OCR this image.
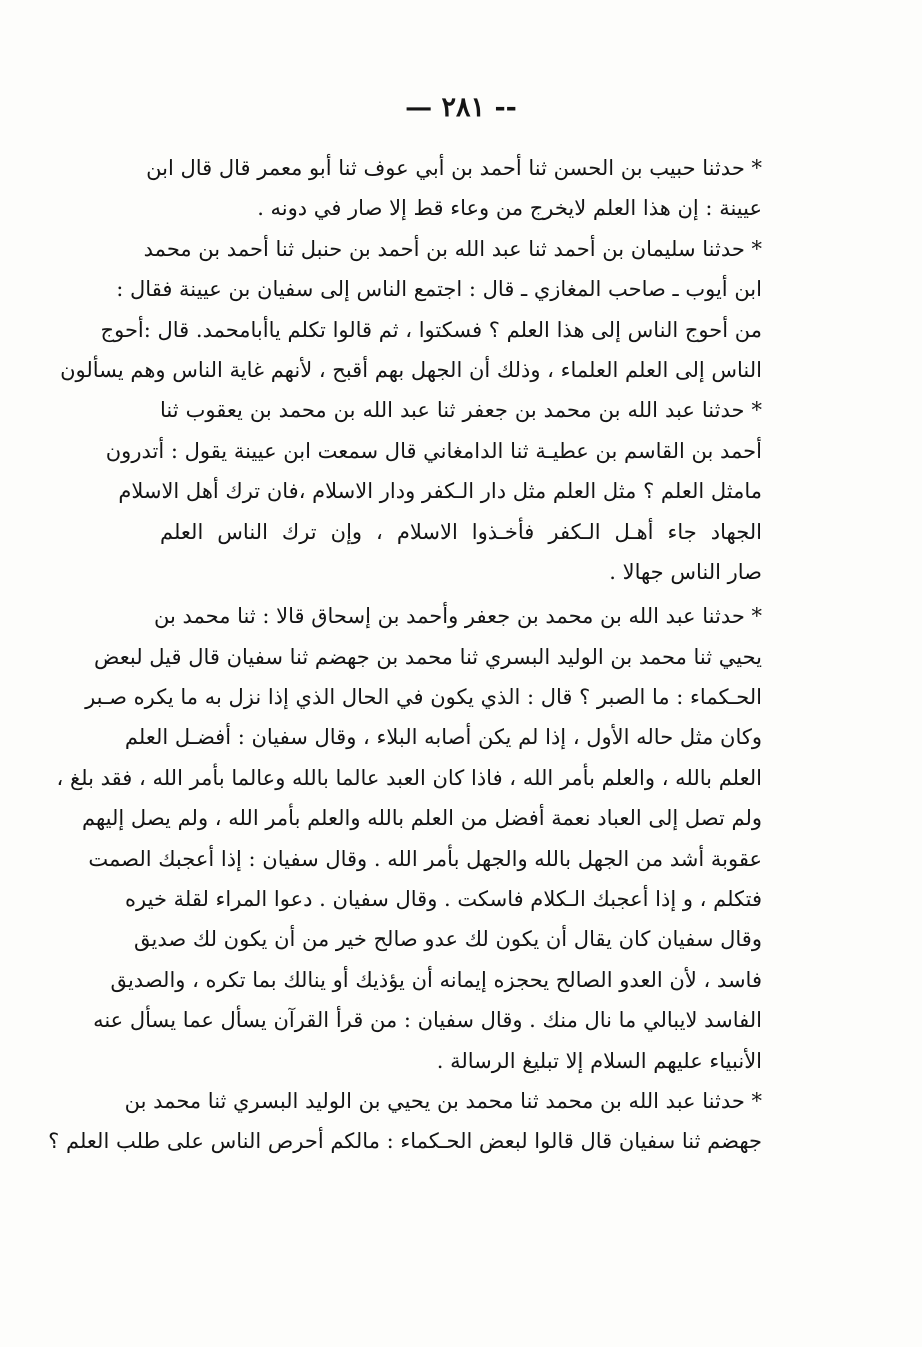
— ٢٨١ --
* حدثنا حبيب بن الحسن ثنا أحمد بن أبي عوف ثنا أبو معمر قال قال ابن
عيينة : إن هذا العلم لايخرج من وعاء قط إلا صار في دونه .
* حدثنا سليمان بن أحمد ثنا عبد الله بن أحمد بن حنبل ثنا أحمد بن محمد
ابن أيوب ـ صاحب المغازي ـ قال : اجتمع الناس إلى سفيان بن عيينة فقال :
من أحوج الناس إلى هذا العلم ؟ فسكتوا ، ثم قالوا تكلم ياأبامحمد. قال :أحوج
الناس إلى العلم العلماء ، وذلك أن الجهل بهم أقبح ، لأنهم غاية الناس وهم يسألون
* حدثنا عبد الله بن محمد بن جعفر ثنا عبد الله بن محمد بن يعقوب ثنا
أحمد بن القاسم بن عطيـة ثنا الدامغاني قال سمعت ابن عيينة يقول : أتدرون
مامثل العلم ؟ مثل العلم مثل دار الـكفر ودار الاسلام ،فان ترك أهل الاسلام
الجهاد جاء أهـل الـكفر فأخـذوا الاسلام ، وإن ترك الناس العلم
صار الناس جهالا .
* حدثنا عبد الله بن محمد بن جعفر وأحمد بن إسحاق قالا : ثنا محمد بن
يحيي ثنا محمد بن الوليد البسري ثنا محمد بن جهضم ثنا سفيان قال قيل لبعض
الحـكماء : ما الصبر ؟ قال : الذي يكون في الحال الذي إذا نزل به ما يكره صـبر
وكان مثل حاله الأول ، إذا لم يكن أصابه البلاء ، وقال سفيان : أفضـل العلم
العلم بالله ، والعلم بأمر الله ، فاذا كان العبد عالما بالله وعالما بأمر الله ، فقد بلغ ،
ولم تصل إلى العباد نعمة أفضل من العلم بالله والعلم بأمر الله ، ولم يصل إليهم
عقوبة أشد من الجهل بالله والجهل بأمر الله . وقال سفيان : إذا أعجبك الصمت
فتكلم ، و إذا أعجبك الـكلام فاسكت . وقال سفيان . دعوا المراء لقلة خيره
وقال سفيان كان يقال أن يكون لك عدو صالح خير من أن يكون لك صديق
فاسد ، لأن العدو الصالح يحجزه إيمانه أن يؤذيك أو ينالك بما تكره ، والصديق
الفاسد لايبالي ما نال منك . وقال سفيان : من قرأ القرآن يسأل عما يسأل عنه
الأنبياء عليهم السلام إلا تبليغ الرسالة .
* حدثنا عبد الله بن محمد ثنا محمد بن يحيي بن الوليد البسري ثنا محمد بن
جهضم ثنا سفيان قال قالوا لبعض الحـكماء : مالكم أحرص الناس على طلب العلم ؟
